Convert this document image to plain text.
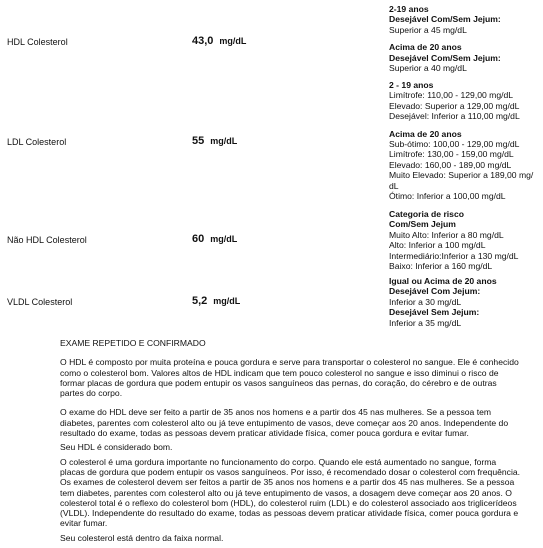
HDL Colesterol	43,0 mg/dL
2-19 anos
Desejável Com/Sem Jejum:
Superior a 45 mg/dL
Acima de 20 anos
Desejável Com/Sem Jejum:
Superior a 40 mg/dL
LDL Colesterol	55 mg/dL
2 - 19 anos
Limítrofe: 110,00 - 129,00 mg/dL
Elevado: Superior a 129,00 mg/dL
Desejável: Inferior a 110,00 mg/dL
Acima de 20 anos
Sub-ótimo: 100,00 - 129,00 mg/dL
Limítrofe: 130,00 - 159,00 mg/dL
Elevado: 160,00 - 189,00 mg/dL
Muito Elevado: Superior a 189,00 mg/
dL
Ótimo: Inferior a 100,00 mg/dL
Não HDL Colesterol	60 mg/dL
Categoria de risco
Com/Sem Jejum
Muito Alto: Inferior a 80 mg/dL
Alto: Inferior a 100 mg/dL
Intermediário:Inferior a 130 mg/dL
Baixo: Inferior a 160 mg/dL
VLDL Colesterol	5,2 mg/dL
Igual ou Acima de 20 anos
Desejável Com Jejum:
Inferior a 30 mg/dL
Desejável Sem Jejum:
Inferior a 35 mg/dL

EXAME REPETIDO E CONFIRMADO

O HDL é composto por muita proteína e pouca gordura e serve para transportar o colesterol no sangue. Ele é conhecido como o colesterol bom. Valores altos de HDL indicam que tem pouco colesterol no sangue e isso diminui o risco de formar placas de gordura que podem entupir os vasos sanguíneos das pernas, do coração, do cérebro e de outras partes do corpo.

O exame do HDL deve ser feito a partir de 35 anos nos homens e a partir dos 45 nas mulheres. Se a pessoa tem diabetes, parentes com colesterol alto ou já teve entupimento de vasos, deve começar aos 20 anos. Independente do resultado do exame, todas as pessoas devem praticar atividade física, comer pouca gordura e evitar fumar.

Seu HDL é considerado bom.

O colesterol é uma gordura importante no funcionamento do corpo. Quando ele está aumentado no sangue, forma placas de gordura que podem entupir os vasos sanguíneos. Por isso, é recomendado dosar o colesterol com frequência. Os exames de colesterol devem ser feitos a partir de 35 anos nos homens e a partir dos 45 nas mulheres. Se a pessoa tem diabetes, parentes com colesterol alto ou já teve entupimento de vasos, a dosagem deve começar aos 20 anos. O colesterol total é o reflexo do colesterol bom (HDL), do colesterol ruim (LDL) e do colesterol associado aos triglicerídeos (VLDL). Independente do resultado do exame, todas as pessoas devem praticar atividade física, comer pouca gordura e evitar fumar.

Seu colesterol está dentro da faixa normal.
